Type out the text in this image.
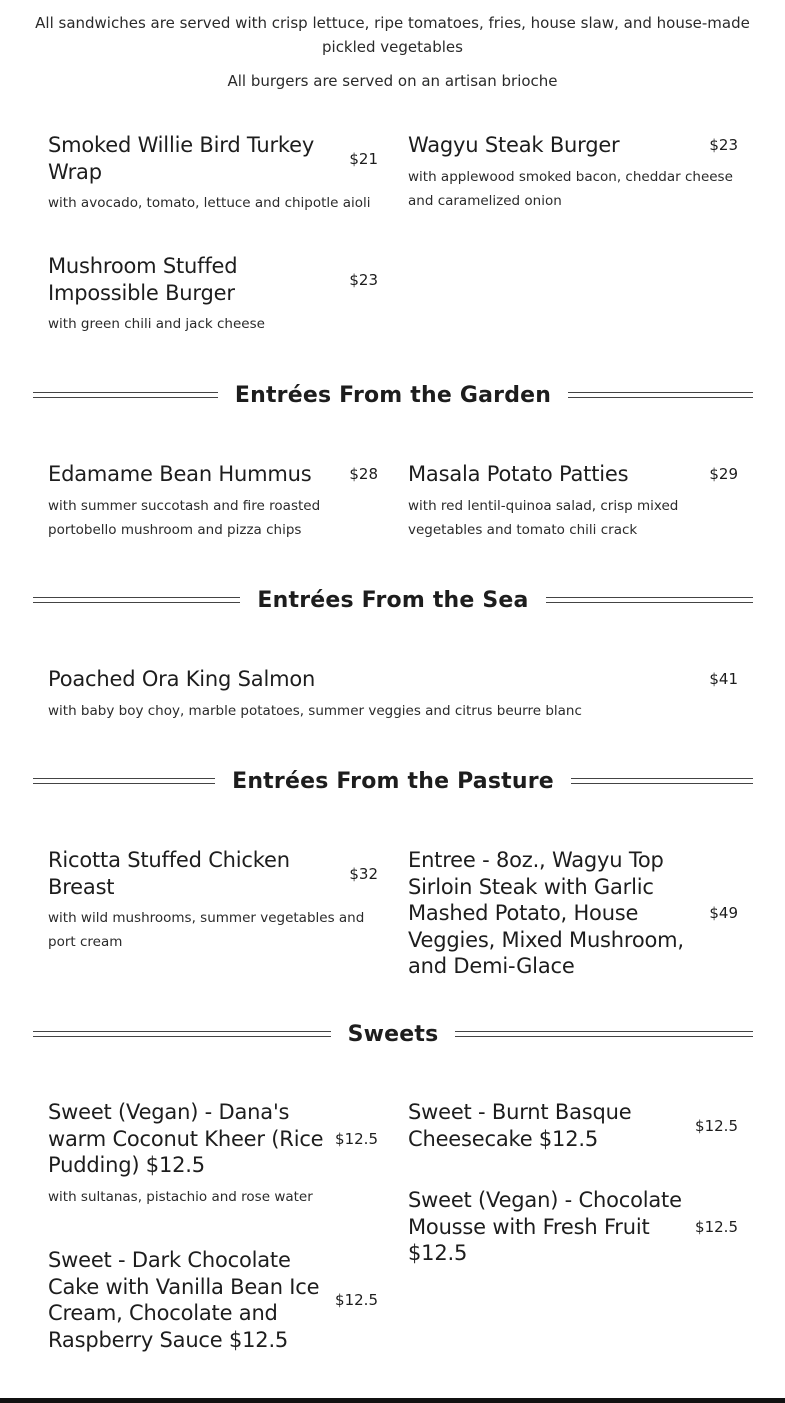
All sandwiches are served with crisp lettuce, ripe tomatoes, fries, house slaw, and house-made pickled vegetables
All burgers are served on an artisan brioche
Smoked Willie Bird Turkey Wrap
$21
with avocado, tomato, lettuce and chipotle aioli
Wagyu Steak Burger	$23
with applewood smoked bacon, cheddar cheese and caramelized onion
Mushroom Stuffed Impossible Burger
$23
with green chili and jack cheese
Entrées From the Garden
Edamame Bean Hummus	$28
with summer succotash and fire roasted portobello mushroom and pizza chips
Masala Potato Patties	$29
with red lentil-quinoa salad, crisp mixed vegetables and tomato chili crack
Entrées From the Sea
Poached Ora King Salmon	$41
with baby boy choy, marble potatoes, summer veggies and citrus beurre blanc
Entrées From the Pasture
Ricotta Stuffed Chicken Breast
$32
with wild mushrooms, summer vegetables and port cream
Entree - 8oz., Wagyu Top Sirloin Steak with Garlic Mashed Potato, House Veggies, Mixed Mushroom, and Demi-Glace
$49
Sweets
Sweet (Vegan) - Dana's warm Coconut Kheer (Rice Pudding) $12.5
$12.5
with sultanas, pistachio and rose water
Sweet - Burnt Basque Cheesecake $12.5
$12.5
Sweet - Dark Chocolate Cake with Vanilla Bean Ice Cream, Chocolate and Raspberry Sauce $12.5
$12.5
Sweet (Vegan) - Chocolate Mousse with Fresh Fruit $12.5
$12.5
